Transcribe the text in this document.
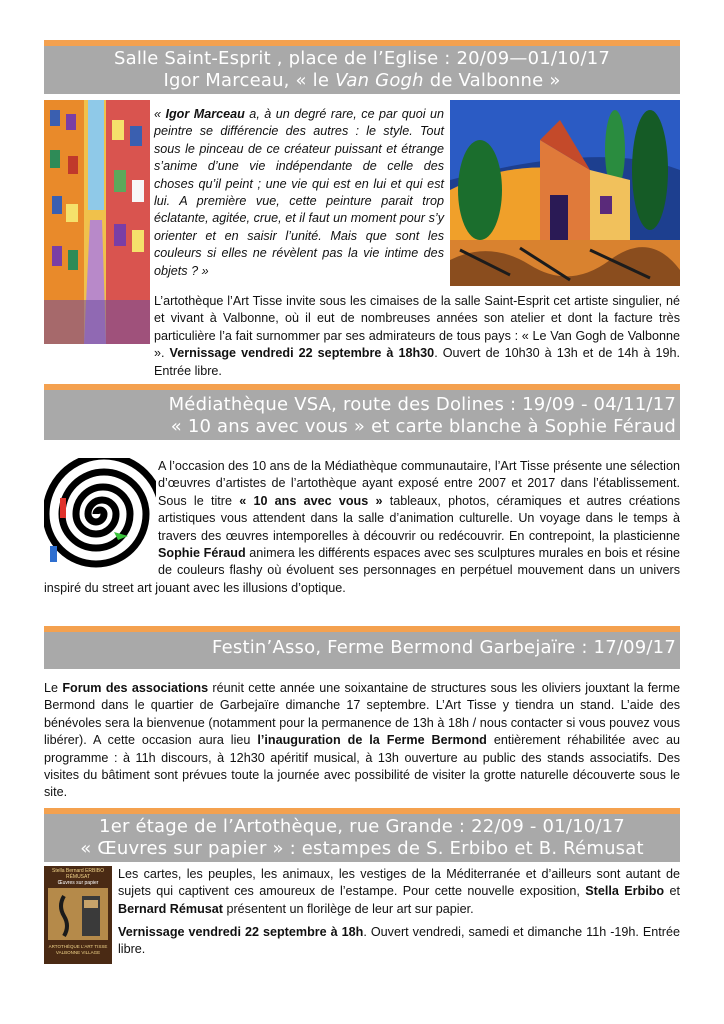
Salle Saint-Esprit , place de l’Eglise : 20/09—01/10/17
Igor Marceau, « le Van Gogh de Valbonne »

« Igor Marceau a, à un degré rare, ce par quoi un peintre se différencie des autres : le style. Tout sous le pinceau de ce créateur puissant et étrange s’anime d’une vie indépendante de celle des choses qu’il peint ; une vie qui est en lui et qui est lui. A première vue, cette peinture parait trop éclatante, agitée, crue, et il faut un moment pour s’y orienter et en saisir l’unité. Mais que sont les couleurs si elles ne révèlent pas la vie intime des objets ? »

L’artothèque l’Art Tisse invite sous les cimaises de la salle Saint-Esprit cet artiste singulier, né et vivant à Valbonne, où il eut de nombreuses années son atelier et dont la facture très particulière l’a fait surnommer par ses admirateurs de tous pays : « Le Van Gogh de Valbonne ». Vernissage vendredi 22 septembre à 18h30. Ouvert de 10h30 à 13h et de 14h à 19h. Entrée libre.

Médiathèque VSA, route des Dolines : 19/09 - 04/11/17
« 10 ans avec vous » et carte blanche à Sophie Féraud

A l’occasion des 10 ans de la Médiathèque communautaire, l’Art Tisse présente une sélection d’œuvres d’artistes de l’artothèque ayant exposé entre 2007 et 2017 dans l’établissement. Sous le titre « 10 ans avec vous » tableaux, photos, céramiques et autres créations artistiques vous attendent dans la salle d’animation culturelle. Un voyage dans le temps à travers des œuvres intemporelles à découvrir ou redécouvrir. En contrepoint, la plasticienne Sophie Féraud animera les différents espaces avec ses sculptures murales en bois et résine de couleurs flashy où évoluent ses personnages en perpétuel mouvement dans un univers inspiré du street art jouant avec les illusions d’optique.

Festin’Asso, Ferme Bermond Garbejaïre : 17/09/17

Le Forum des associations réunit cette année une soixantaine de structures sous les oliviers jouxtant la ferme Bermond dans le quartier de Garbejaïre dimanche 17 septembre. L’Art Tisse y tiendra un stand. L’aide des bénévoles sera la bienvenue (notamment pour la permanence de 13h à 18h / nous contacter si vous pouvez vous libérer). A cette occasion aura lieu l’inauguration de la Ferme Bermond entièrement réhabilitée avec au programme : à 11h discours, à 12h30 apéritif musical, à 13h ouverture au public des stands associatifs. Des visites du bâtiment sont prévues toute la journée avec possibilité de visiter la grotte naturelle découverte sous le site.

1er étage de l’Artothèque, rue Grande : 22/09 - 01/10/17
« Œuvres sur papier » : estampes de S. Erbibo et B. Rémusat
Stella Bernard ERBIBO RÉMUSAT
Œuvres sur papier
ARTOTHÈQUE L'ART TISSE VALBONNE VILLAGE

Les cartes, les peuples, les animaux, les vestiges de la Méditerranée et d’ailleurs sont autant de sujets qui captivent ces amoureux de l’estampe. Pour cette nouvelle exposition, Stella Erbibo et Bernard Rémusat présentent un florilège de leur art sur papier.

Vernissage vendredi 22 septembre à 18h. Ouvert vendredi, samedi et dimanche 11h -19h. Entrée libre.
